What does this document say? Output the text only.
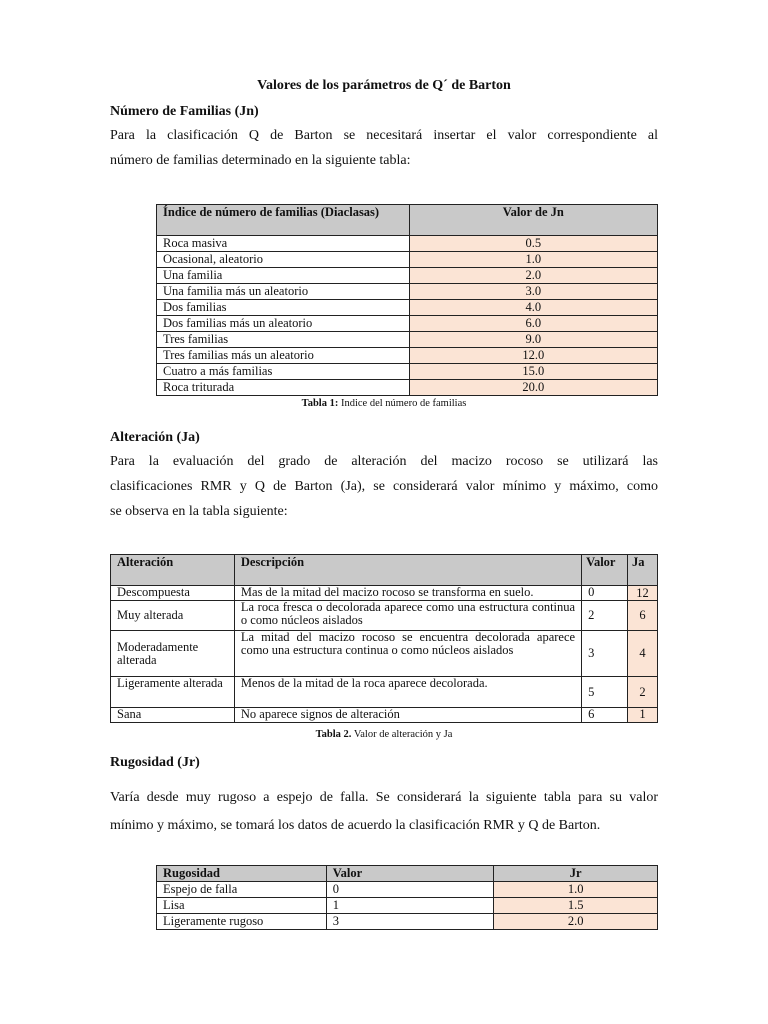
Valores de los parámetros de Q´ de Barton
Número de Familias (Jn)
Para la clasificación Q de Barton se necesitará insertar el valor correspondiente al
número de familias determinado en la siguiente tabla:
Índice de número de familias (Diaclasas)	Valor de Jn
Roca masiva	0.5
Ocasional, aleatorio	1.0
Una familia	2.0
Una familia más un aleatorio	3.0
Dos familias	4.0
Dos familias más un aleatorio	6.0
Tres familias	9.0
Tres familias más un aleatorio	12.0
Cuatro a más familias	15.0
Roca triturada	20.0
Tabla 1: Indice del número de familias
Alteración (Ja)
Para la evaluación del grado de alteración del macizo rocoso se utilizará las
clasificaciones RMR y Q de Barton (Ja), se considerará valor mínimo y máximo, como
se observa en la tabla siguiente:
Alteración	Descripción	Valor	Ja
Descompuesta	Mas de la mitad del macizo rocoso se transforma en suelo.	0	12
Muy alterada	La roca fresca o decolorada aparece como una estructura continua o como núcleos aislados	2	6
Moderadamente alterada	La mitad del macizo rocoso se encuentra decolorada aparece como una estructura continua o como núcleos aislados	3	4
Ligeramente alterada	Menos de la mitad de la roca aparece decolorada.	5	2
Sana	No aparece signos de alteración	6	1
Tabla 2. Valor de alteración y Ja
Rugosidad (Jr)
Varía desde muy rugoso a espejo de falla. Se considerará la siguiente tabla para su valor
mínimo y máximo, se tomará los datos de acuerdo la clasificación RMR y Q de Barton.
Rugosidad	Valor	Jr
Espejo de falla	0	1.0
Lisa	1	1.5
Ligeramente rugoso	3	2.0
